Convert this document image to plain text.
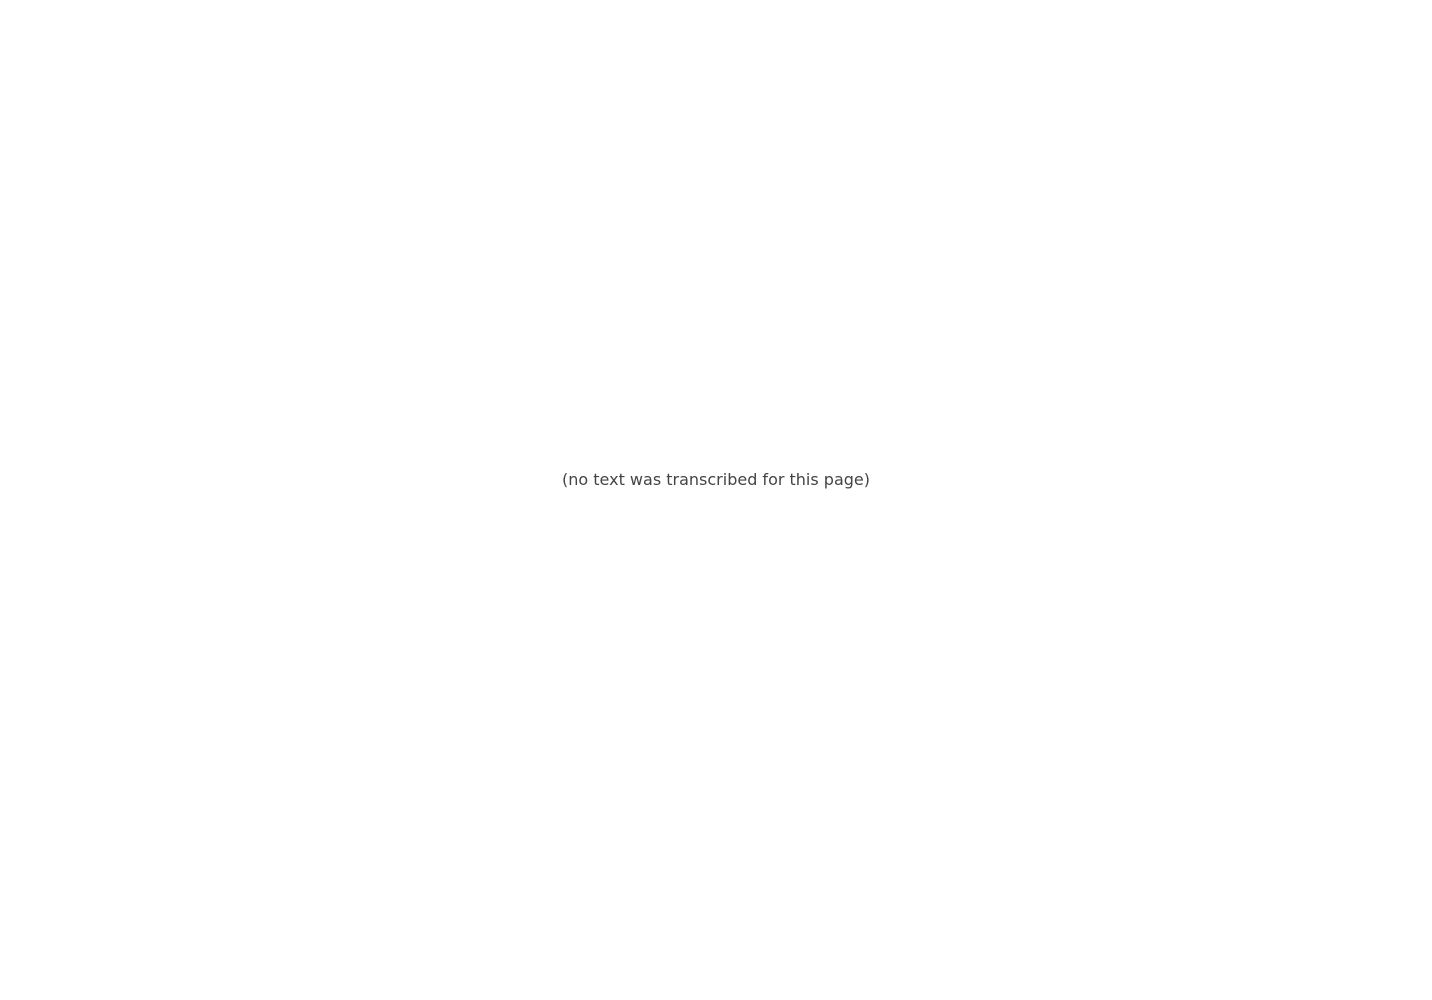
(no text was transcribed for this page)
